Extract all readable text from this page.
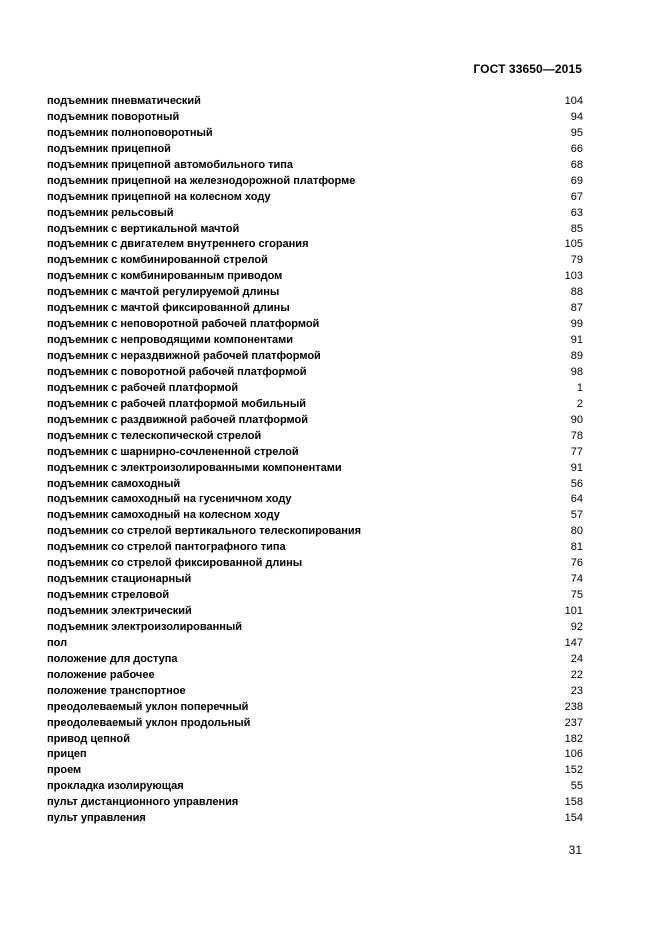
ГОСТ 33650—2015
подъемник пневматический	104
подъемник поворотный	94
подъемник полноповоротный	95
подъемник прицепной	66
подъемник прицепной автомобильного типа	68
подъемник прицепной на железнодорожной платформе	69
подъемник прицепной на колесном ходу	67
подъемник рельсовый	63
подъемник с вертикальной мачтой	85
подъемник с двигателем внутреннего сгорания	105
подъемник с комбинированной стрелой	79
подъемник с комбинированным приводом	103
подъемник с мачтой регулируемой длины	88
подъемник с мачтой фиксированной длины	87
подъемник с неповоротной рабочей платформой	99
подъемник с непроводящими компонентами	91
подъемник с нераздвижной рабочей платформой	89
подъемник с поворотной рабочей платформой	98
подъемник с рабочей платформой	1
подъемник с рабочей платформой мобильный	2
подъемник с раздвижной рабочей платформой	90
подъемник с телескопической стрелой	78
подъемник с шарнирно-сочлененной стрелой	77
подъемник с электроизолированными компонентами	91
подъемник самоходный	56
подъемник самоходный на гусеничном ходу	64
подъемник самоходный на колесном ходу	57
подъемник со стрелой вертикального телескопирования	80
подъемник со стрелой пантографного типа	81
подъемник со стрелой фиксированной длины	76
подъемник стационарный	74
подъемник стреловой	75
подъемник электрический	101
подъемник электроизолированный	92
пол	147
положение для доступа	24
положение рабочее	22
положение транспортное	23
преодолеваемый уклон поперечный	238
преодолеваемый уклон продольный	237
привод цепной	182
прицеп	106
проем	152
прокладка изолирующая	55
пульт дистанционного управления	158
пульт управления	154
31
